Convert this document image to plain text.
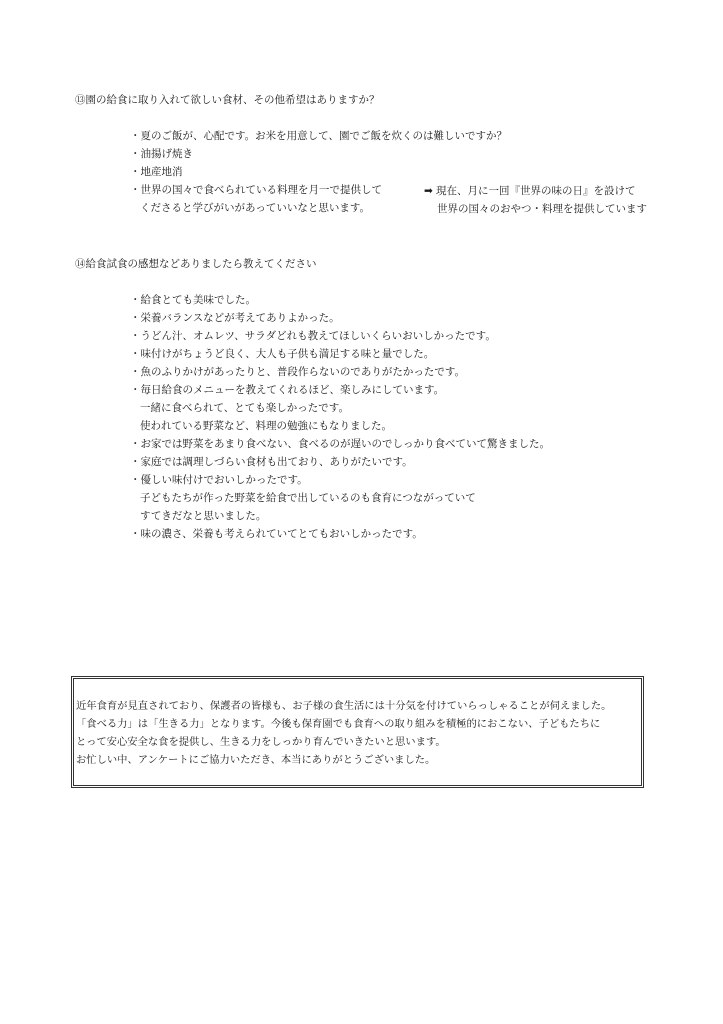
⑬園の給食に取り入れて欲しい食材、その他希望はありますか？
・夏のご飯が、心配です。お米を用意して、園でご飯を炊くのは難しいですか？
・油揚げ焼き
・地産地消
・世界の国々で食べられている料理を月一で提供して
くださると学びがいがあっていいなと思います。
➡ 現在、月に一回『世界の味の日』を設けて
世界の国々のおやつ・料理を提供しています
⑭給食試食の感想などありましたら教えてください
・給食とても美味でした。
・栄養バランスなどが考えてありよかった。
・うどん汁、オムレツ、サラダどれも教えてほしいくらいおいしかったです。
・味付けがちょうど良く、大人も子供も満足する味と量でした。
・魚のふりかけがあったりと、普段作らないのでありがたかったです。
・毎日給食のメニューを教えてくれるほど、楽しみにしています。
一緒に食べられて、とても楽しかったです。
使われている野菜など、料理の勉強にもなりました。
・お家では野菜をあまり食べない、食べるのが遅いのでしっかり食べていて驚きました。
・家庭では調理しづらい食材も出ており、ありがたいです。
・優しい味付けでおいしかったです。
子どもたちが作った野菜を給食で出しているのも食育につながっていて
すてきだなと思いました。
・味の濃さ、栄養も考えられていてとてもおいしかったです。
近年食育が見直されており、保護者の皆様も、お子様の食生活には十分気を付けていらっしゃることが伺えました。
「食べる力」は「生きる力」となります。今後も保育園でも食育への取り組みを積極的におこない、子どもたちに
とって安心安全な食を提供し、生きる力をしっかり育んでいきたいと思います。
お忙しい中、アンケートにご協力いただき、本当にありがとうございました。
